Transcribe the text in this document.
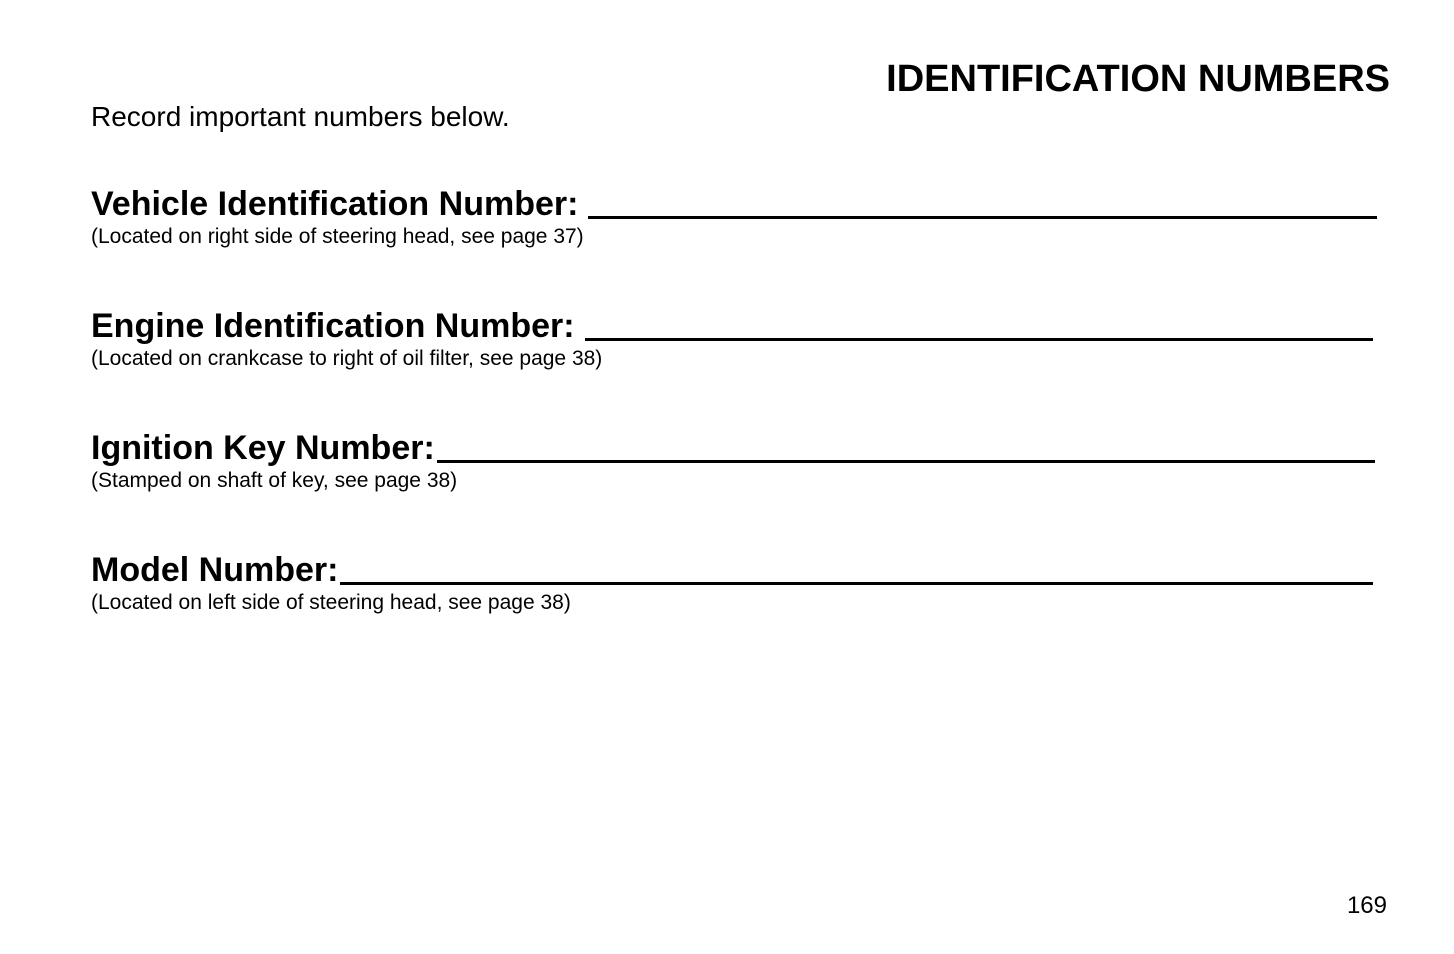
IDENTIFICATION NUMBERS
Record important numbers below.
Vehicle Identification Number:
(Located on right side of steering head, see page 37)
Engine Identification Number:
(Located on crankcase to right of oil filter, see page 38)
Ignition Key Number:
(Stamped on shaft of key, see page 38)
Model Number:
(Located on left side of steering head, see page 38)
169
